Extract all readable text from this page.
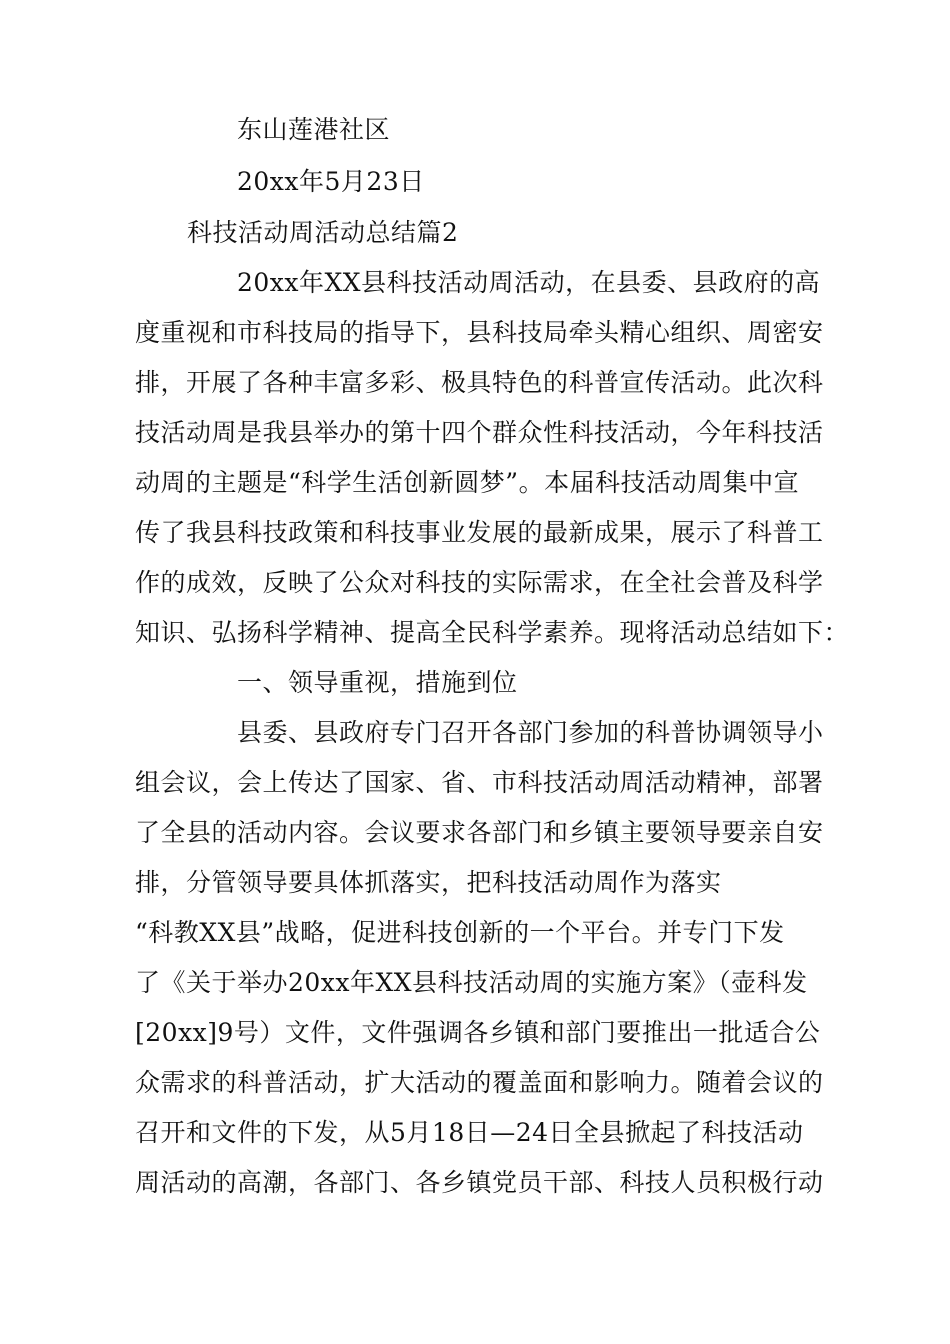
东山莲港社区
20xx年5月23日
科技活动周活动总结篇2
20xx年XX县科技活动周活动，在县委、县政府的高
度重视和市科技局的指导下，县科技局牵头精心组织、周密安
排，开展了各种丰富多彩、极具特色的科普宣传活动。此次科
技活动周是我县举办的第十四个群众性科技活动，今年科技活
动周的主题是“科学生活创新圆梦”。本届科技活动周集中宣
传了我县科技政策和科技事业发展的最新成果，展示了科普工
作的成效，反映了公众对科技的实际需求，在全社会普及科学
知识、弘扬科学精神、提高全民科学素养。现将活动总结如下：
一、领导重视，措施到位
县委、县政府专门召开各部门参加的科普协调领导小
组会议，会上传达了国家、省、市科技活动周活动精神，部署
了全县的活动内容。会议要求各部门和乡镇主要领导要亲自安
排，分管领导要具体抓落实，把科技活动周作为落实
“科教XX县”战略，促进科技创新的一个平台。并专门下发
了《关于举办20xx年XX县科技活动周的实施方案》（壶科发
[20xx]9号）文件，文件强调各乡镇和部门要推出一批适合公
众需求的科普活动，扩大活动的覆盖面和影响力。随着会议的
召开和文件的下发，从5月18日—24日全县掀起了科技活动
周活动的高潮，各部门、各乡镇党员干部、科技人员积极行动
